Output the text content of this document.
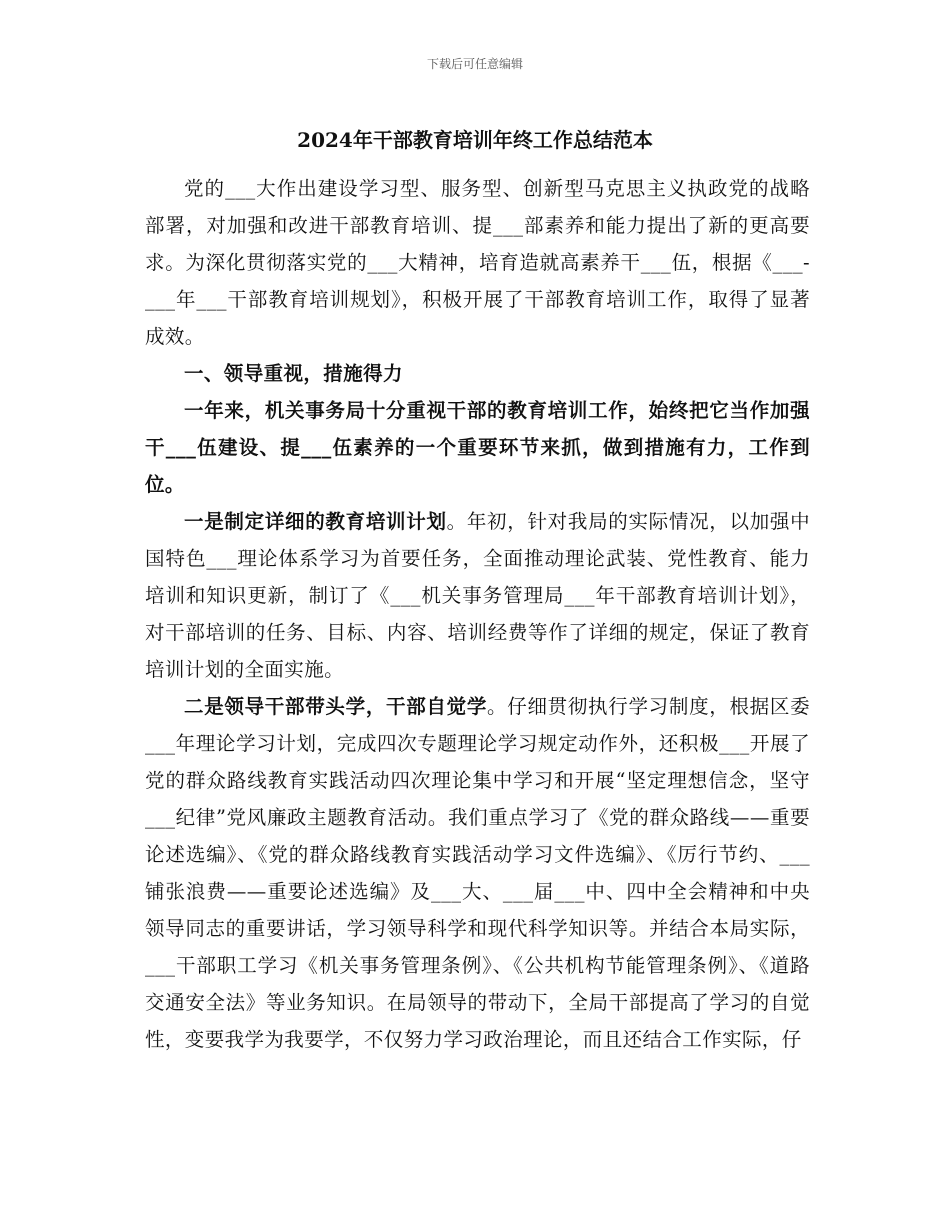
下载后可任意编辑
2024年干部教育培训年终工作总结范本

党的___大作出建设学习型、服务型、创新型马克思主义执政党的战略部署，对加强和改进干部教育培训、提___部素养和能力提出了新的更高要求。为深化贯彻落实党的___大精神，培育造就高素养干___伍，根据《___-___年___干部教育培训规划》，积极开展了干部教育培训工作，取得了显著成效。

一、领导重视，措施得力

一年来，机关事务局十分重视干部的教育培训工作，始终把它当作加强干___伍建设、提___伍素养的一个重要环节来抓，做到措施有力，工作到位。

一是制定详细的教育培训计划。年初，针对我局的实际情况，以加强中国特色___理论体系学习为首要任务，全面推动理论武装、党性教育、能力培训和知识更新，制订了《___机关事务管理局___年干部教育培训计划》，对干部培训的任务、目标、内容、培训经费等作了详细的规定，保证了教育培训计划的全面实施。

二是领导干部带头学，干部自觉学。仔细贯彻执行学习制度，根据区委___年理论学习计划，完成四次专题理论学习规定动作外，还积极___开展了党的群众路线教育实践活动四次理论集中学习和开展“坚定理想信念，坚守___纪律”党风廉政主题教育活动。我们重点学习了《党的群众路线——重要论述选编》、《党的群众路线教育实践活动学习文件选编》、《厉行节约、___铺张浪费——重要论述选编》及___大、___届___中、四中全会精神和中央领导同志的重要讲话，学习领导科学和现代科学知识等。并结合本局实际，___干部职工学习《机关事务管理条例》、《公共机构节能管理条例》、《道路交通安全法》等业务知识。在局领导的带动下，全局干部提高了学习的自觉性，变要我学为我要学，不仅努力学习政治理论，而且还结合工作实际，仔
